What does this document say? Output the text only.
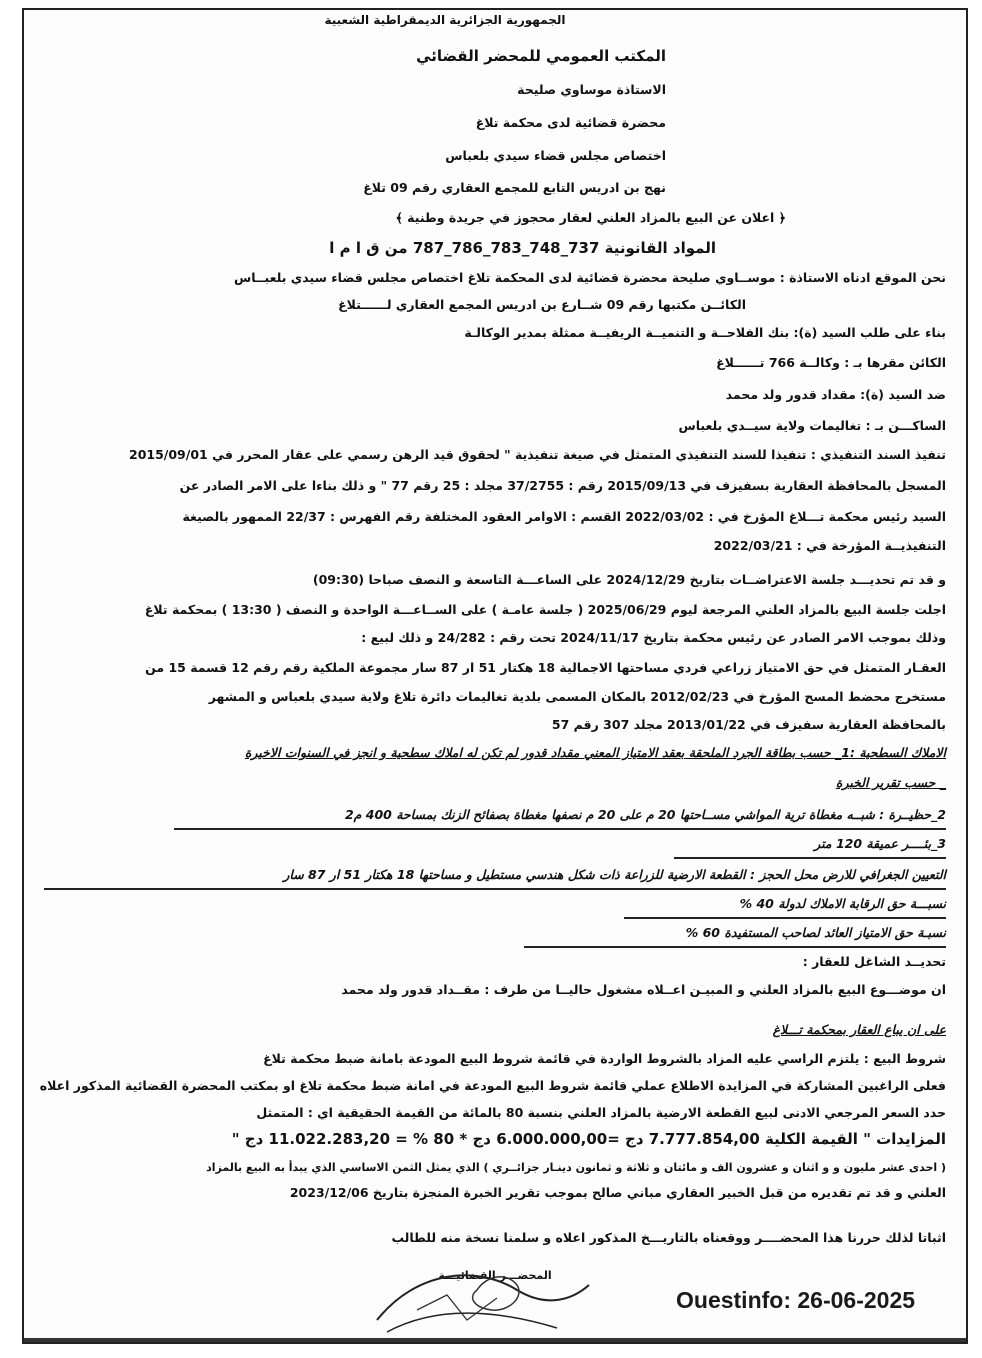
الجمهورية الجزائرية الديمقراطية الشعبية
المكتب العمومي للمحضر القضائي
الاستاذة موساوي صليحة
محضرة قضائية لدى محكمة تلاغ
اختصاص مجلس قضاء سيدي بلعباس
نهج بن ادريس التابع للمجمع العقاري رقم 09 تلاغ
﴿ اعلان عن البيع بالمزاد العلني لعقار محجوز في جريدة وطنية ﴾
المواد القانونية 737_748_783_786_787 من ق ا م ا
نحن الموقع ادناه الاستاذة : موســاوي صليحة محضرة قضائية لدى المحكمة تلاغ اختصاص مجلس قضاء سيدي بلعبــاس
الكائــن مكتبها رقم 09 شــارع بن ادريس المجمع العقاري لــــــتلاغ
بناء على طلب السيد (ة): بنك الفلاحــة و التنميــة الريفيــة ممثلة بمدير الوكالـة
الكائن مقرها بـ : وكالــة 766 تــــــلاغ
ضد السيد (ة): مقداد قدور ولد محمد
الساكـــن بـ : تغاليمات ولاية سيــدي بلعباس
تنفيذ السند التنفيذي : تنفيذا للسند التنفيذي المتمثل في صيغة تنفيذية " لحقوق قيد الرهن رسمي على عقار المحرر في 2015/09/01
المسجل بالمحافظة العقارية بسفيزف في 2015/09/13 رقم : 37/2755 مجلد : 25 رقم 77 " و ذلك بناءا على الامر الصادر عن
السيد رئيس محكمة تـــلاغ المؤرخ في : 2022/03/02 القسم : الاوامر العقود المختلفة رقم الفهرس : 22/37 الممهور بالصيغة
التنفيذيــة المؤرخة في : 2022/03/21
و قد تم تحديـــد جلسة الاعتراضــات بتاريخ 2024/12/29 على الساعـــة التاسعة و النصف صباحا (09:30)
اجلت جلسة البيع بالمزاد العلني المرجعة ليوم 2025/06/29 ( جلسة عامـة ) على الســاعـــة الواحدة و النصف ( 13:30 ) بمحكمة تلاغ
وذلك بموجب الامر الصادر عن رئيس محكمة بتاريخ 2024/11/17 تحت رقم : 24/282 و ذلك لبيع :
العقـار المتمثل في حق الامتياز زراعي فردي مساحتها الاجمالية 18 هكتار 51 ار 87 سار مجموعة الملكية رقم رقم 12 قسمة 15 من
مستخرج محضط المسح المؤرخ في 2012/02/23 بالمكان المسمى بلدية تغاليمات دائرة تلاغ ولاية سيدي بلعباس و المشهر
بالمحافظة العقارية سفيزف في 2013/01/22 مجلد 307 رقم 57
الاملاك السطحية :1_ حسب بطاقة الجرد الملحقة بعقد الامتياز المعني مقداد قدور لم تكن له املاك سطحية و انجز في السنوات الاخيرة
_ حسب تقرير الخبرة
2_حظيــرة : شبــه مغطاة ترية المواشي مســاحتها 20 م على 20 م نصفها مغطاة بصفائح الزنك بمساحة 400 م2
3_بئــــر عميقة 120 متر
التعيين الجغرافي للارض محل الحجز : القطعة الارضية للزراعة ذات شكل هندسي مستطيل و مساحتها 18 هكتار 51 ار 87 سار
نسبـــة حق الرقابة الاملاك لدولة 40 %
نسبـة حق الامتياز العائد لصاحب المستفيدة 60 %
تحديــد الشاغل للعقار :
ان موضـــوع البيع بالمزاد العلني و المبيـن اعــلاه مشغول حاليــا من طرف : مقــداد قدور ولد محمد
على ان يباع العقار بمحكمة تـــلاغ
شروط البيع : يلتزم الراسي عليه المزاد بالشروط الواردة في قائمة شروط البيع المودعة بامانة ضبط محكمة تلاغ
فعلى الراغبين المشاركة في المزايدة الاطلاع عملي قائمة شروط البيع المودعة في امانة ضبط محكمة تلاغ او بمكتب المحضرة القضائية المذكور اعلاه
حدد السعر المرجعي الادنى لبيع القطعة الارضية بالمزاد العلني بنسبة 80 بالمائة من القيمة الحقيقية اي : المتمثل
المزايدات " القيمة الكلية 7.777.854,00 دج =6.000.000,00 دج * 80 % = 11.022.283,20 دج "
( احدى عشر مليون و و اثنان و عشرون الف و مائتان و ثلاثة و ثمانون دينـار جزائــري ) الذي يمثل الثمن الاساسي الذي يبدأ به البيع بالمزاد
العلني و قد تم تقديره من قبل الخبير العقاري مباني صالح بموجب تقرير الخبرة المنجزة بتاريخ 2023/12/06
اثباتا لذلك حررنا هذا المحضــــر ووقعناه بالتاريـــخ المذكور اعلاه و سلمنا نسخة منه للطالب
المحضـــر القضائيـــة
Ouestinfo: 26-06-2025
